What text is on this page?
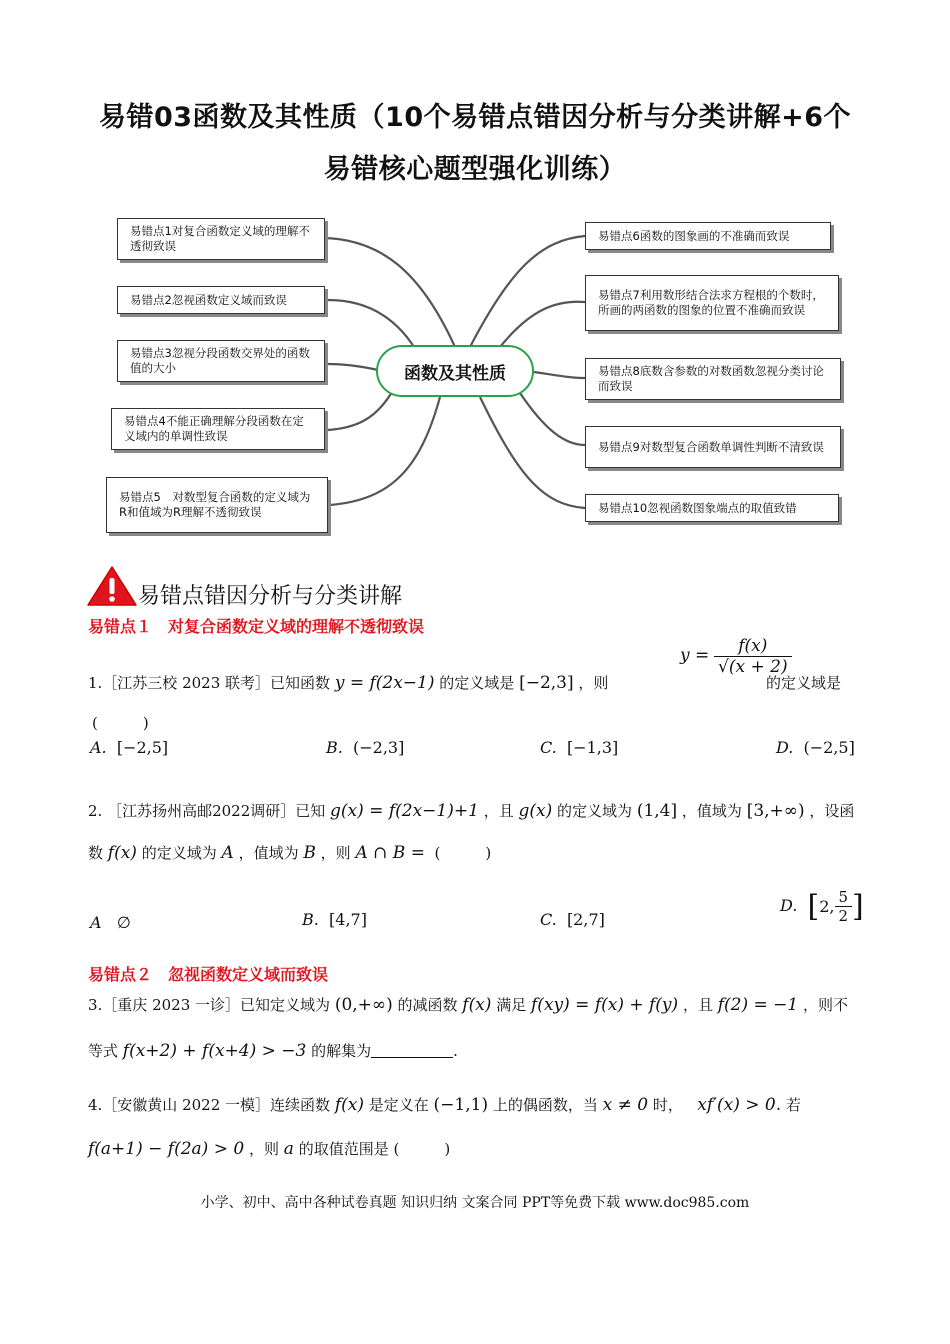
易错03函数及其性质（10个易错点错因分析与分类讲解+6个
易错核心题型强化训练）
易错点1对复合函数定义域的理解不透彻致误
易错点2忽视函数定义域而致误
易错点3忽视分段函数交界处的函数值的大小
易错点4不能正确理解分段函数在定义域内的单调性致误
易错点5　对数型复合函数的定义域为R和值域为R理解不透彻致误
函数及其性质
易错点6函数的图象画的不准确而致误
易错点7利用数形结合法求方程根的个数时，所画的两函数的图象的位置不准确而致误
易错点8底数含参数的对数函数忽视分类讨论而致误
易错点9对数型复合函数单调性判断不清致误
易错点10忽视函数图象端点的取值致错
易错点错因分析与分类讲解
易错点１　对复合函数定义域的理解不透彻致误
1.［江苏三校 2023 联考］已知函数 y = f(2x−1) 的定义域是 [−2,3] ，则
$y = \frac{f(x)}{√(x + 2)}$
的定义域是
(　　　)
A. [−2,5]	B. (−2,3]	C. [−1,3]	D. (−2,5]
2. ［江苏扬州高邮2022调研］已知 g(x) = f(2x−1)+1 ，且 g(x) 的定义域为 (1,4] ，值域为 [3,+∞) ，设函
数 f(x) 的定义域为 A ，值域为 B ，则 A ∩ B = (　　　)
A ∅	B. [4,7]	C. [2,7]
D. [2, $\frac{5}{2}$ ]
易错点２　忽视函数定义域而致误
3.［重庆 2023 一诊］已知定义域为 (0,+∞) 的减函数 f(x) 满足 f(xy) = f(x) + f(y) ，且 f(2) = −1 ，则不
等式 f(x+2) + f(x+4) > −3 的解集为	.
4.［安徽黄山 2022 一模］连续函数 f(x) 是定义在 (−1,1) 上的偶函数，当 x ≠ 0 时， xf′(x) > 0. 若
f(a+1) − f(2a) > 0 ，则 a 的取值范围是 (　　　)
小学、初中、高中各种试卷真题 知识归纳 文案合同 PPT等免费下载 www.doc985.com
